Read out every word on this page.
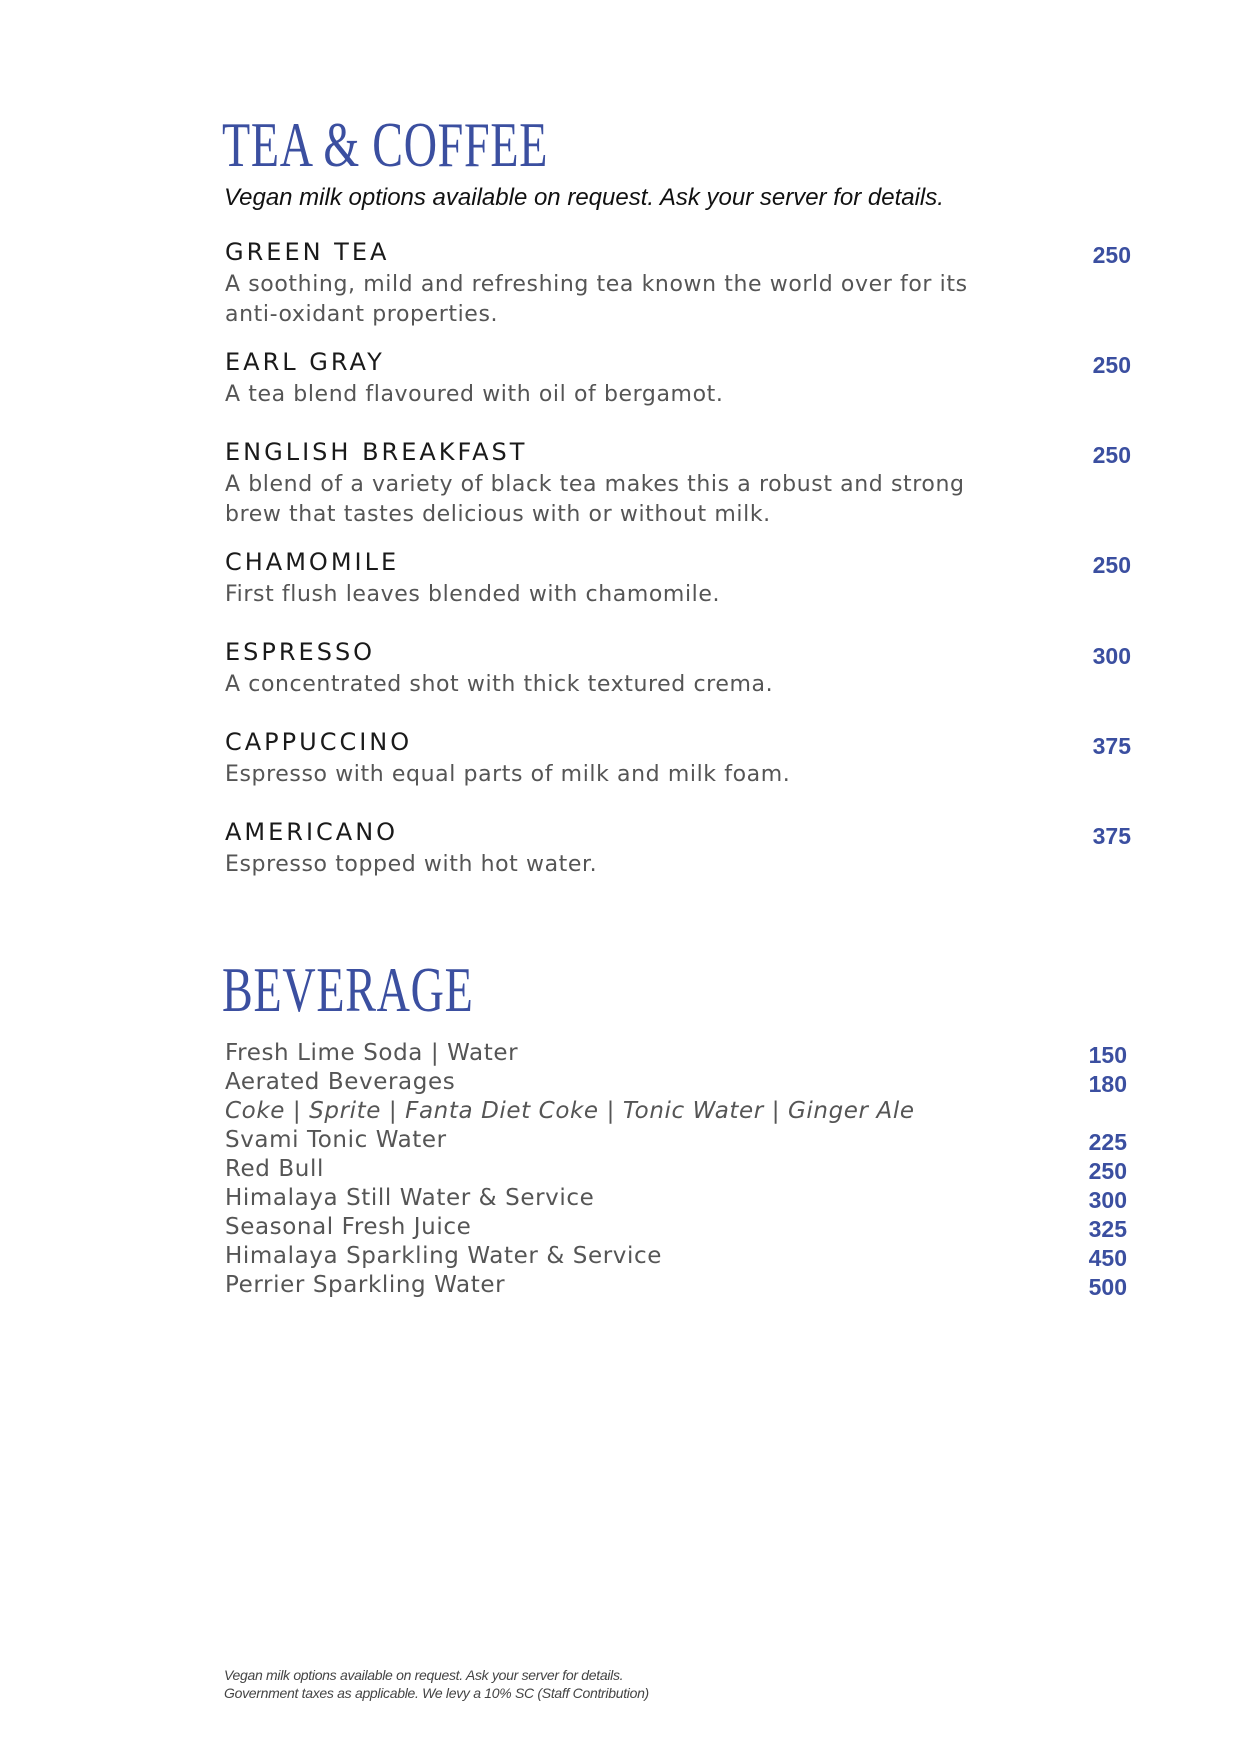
TEA & COFFEE
Vegan milk options available on request. Ask your server for details.
GREEN TEA	250
A soothing, mild and refreshing tea known the world over for its anti-oxidant properties.
EARL GRAY	250
A tea blend flavoured with oil of bergamot.
ENGLISH BREAKFAST	250
A blend of a variety of black tea makes this a robust and strong brew that tastes delicious with or without milk.
CHAMOMILE	250
First flush leaves blended with chamomile.
ESPRESSO	300
A concentrated shot with thick textured crema.
CAPPUCCINO	375
Espresso with equal parts of milk and milk foam.
AMERICANO	375
Espresso topped with hot water.
BEVERAGE
Fresh Lime Soda | Water	150
Aerated Beverages	180
Coke | Sprite | Fanta Diet Coke | Tonic Water | Ginger Ale
Svami Tonic Water	225
Red Bull	250
Himalaya Still Water & Service	300
Seasonal Fresh Juice	325
Himalaya Sparkling Water & Service	450
Perrier Sparkling Water	500
Vegan milk options available on request. Ask your server for details.
Government taxes as applicable. We levy a 10% SC (Staff Contribution)
